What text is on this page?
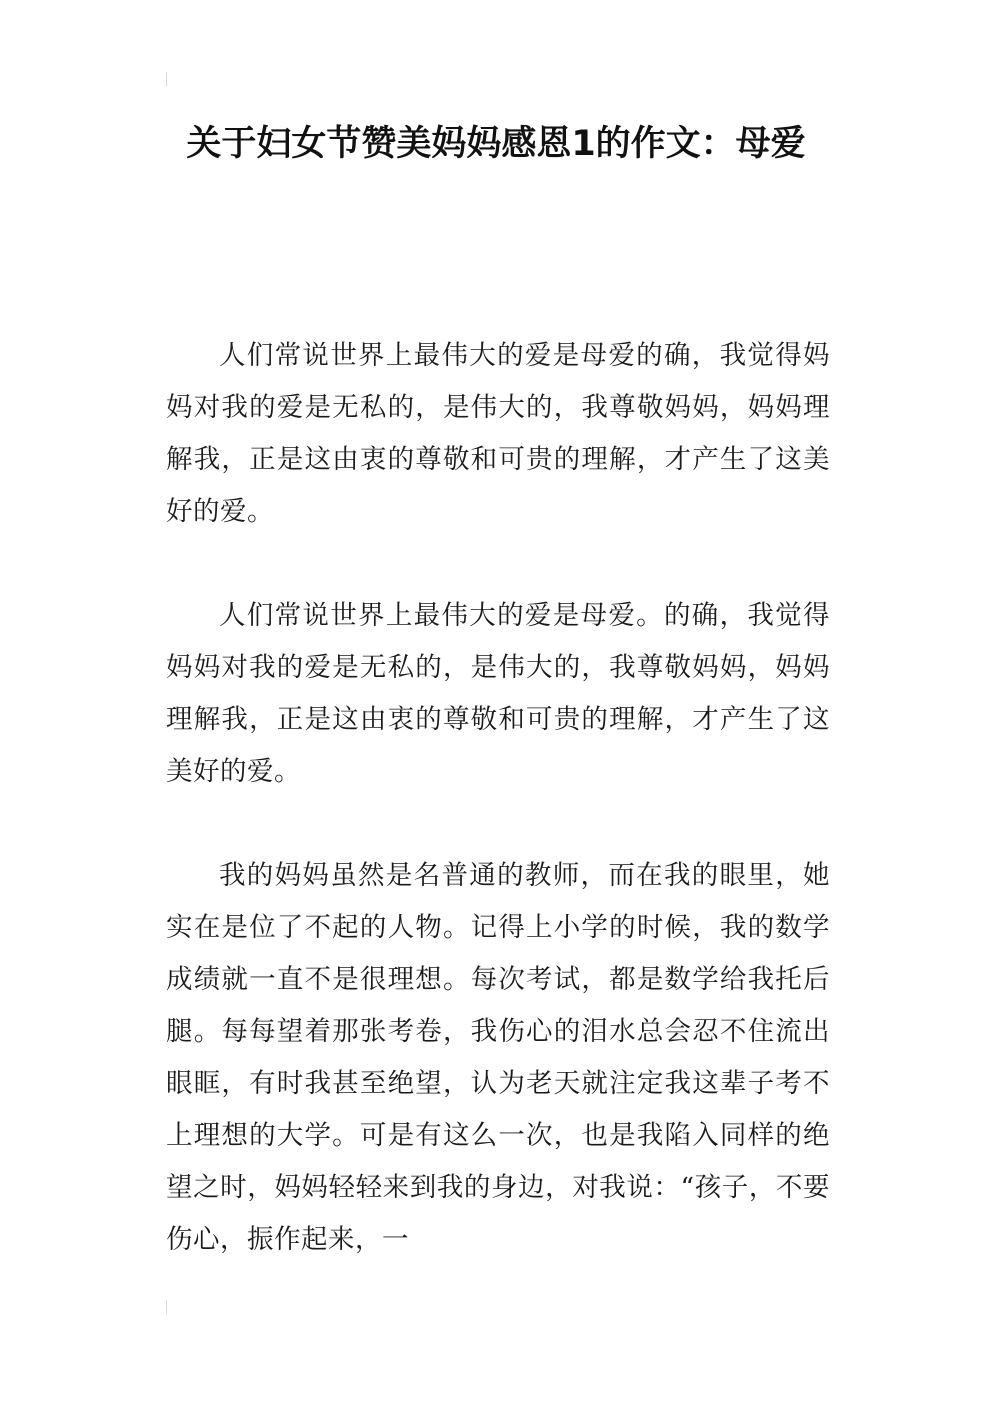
关于妇女节赞美妈妈感恩1的作文：母爱

人们常说世界上最伟大的爱是母爱的确，我觉得妈妈对我的爱是无私的，是伟大的，我尊敬妈妈，妈妈理解我，正是这由衷的尊敬和可贵的理解，才产生了这美好的爱。

人们常说世界上最伟大的爱是母爱。的确，我觉得妈妈对我的爱是无私的，是伟大的，我尊敬妈妈，妈妈理解我，正是这由衷的尊敬和可贵的理解，才产生了这美好的爱。

我的妈妈虽然是名普通的教师，而在我的眼里，她实在是位了不起的人物。记得上小学的时候，我的数学成绩就一直不是很理想。每次考试，都是数学给我托后腿。每每望着那张考卷，我伤心的泪水总会忍不住流出眼眶，有时我甚至绝望，认为老天就注定我这辈子考不上理想的大学。可是有这么一次，也是我陷入同样的绝望之时，妈妈轻轻来到我的身边，对我说：“孩子，不要伤心，振作起来，一
